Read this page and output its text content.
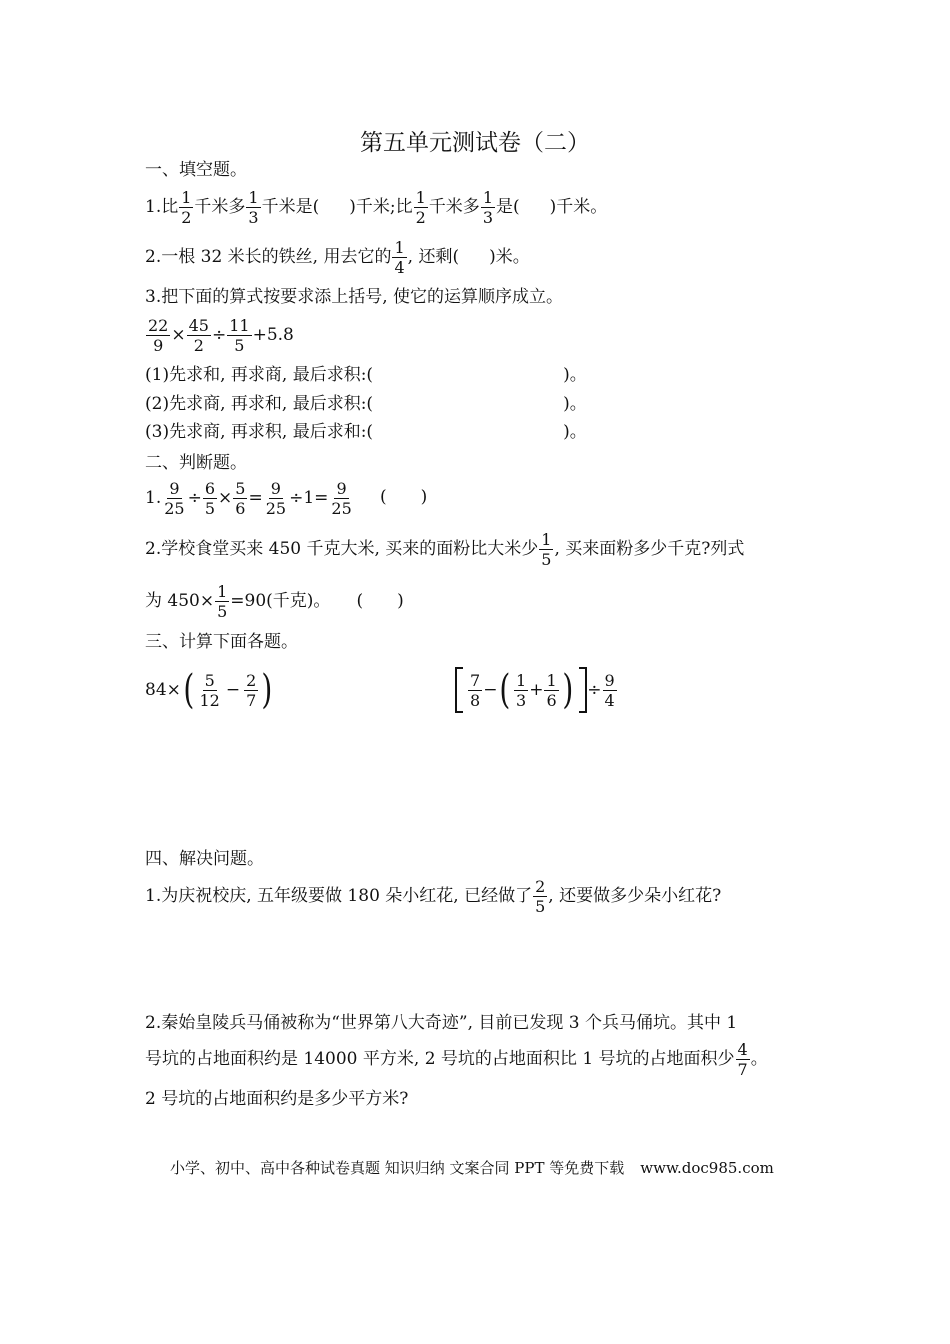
第五单元测试卷（二）
一、填空题。
1.比 $\frac{1}{2}$ 千米多 $\frac{1}{3}$ 千米是( )千米;比 $\frac{1}{2}$ 千米多 $\frac{1}{3}$ 是( )千米。
2.一根 32 米长的铁丝, 用去它的 $\frac{1}{4}$ , 还剩( )米。
3.把下面的算式按要求添上括号, 使它的运算顺序成立。
$\frac{22}{9} \times \frac{45}{2} \div \frac{11}{5} +5.8$
(1)先求和, 再求商, 最后求积:(	)。
(2)先求商, 再求和, 最后求积:(	)。
(3)先求商, 再求积, 最后求和:(	)。
二、判断题。
1. $\frac{9}{25} \div \frac{6}{5} \times \frac{5}{6} = \frac{9}{25} \div 1= \frac{9}{25}$ ( )
2.学校食堂买来 450 千克大米, 买来的面粉比大米少 $\frac{1}{5}$ , 买来面粉多少千克?列式
为 $450\times \frac{1}{5} =90$(千克)。 ( )
三、计算下面各题。
84× ( $\frac{5}{12} - \frac{2}{7}$ )	$\frac{7}{8}$ − ( $\frac{1}{3} + \frac{1}{6}$ ) ÷ $\frac{9}{4}$
四、解决问题。
1.为庆祝校庆, 五年级要做 180 朵小红花, 已经做了 $\frac{2}{5}$ , 还要做多少朵小红花?
2.秦始皇陵兵马俑被称为“世界第八大奇迹”, 目前已发现 3 个兵马俑坑。其中 1
号坑的占地面积约是 14000 平方米, 2 号坑的占地面积比 1 号坑的占地面积少 $\frac{4}{7}$ 。
2 号坑的占地面积约是多少平方米?
小学、初中、高中各种试卷真题 知识归纳 文案合同 PPT 等免费下载 www.doc985.com
